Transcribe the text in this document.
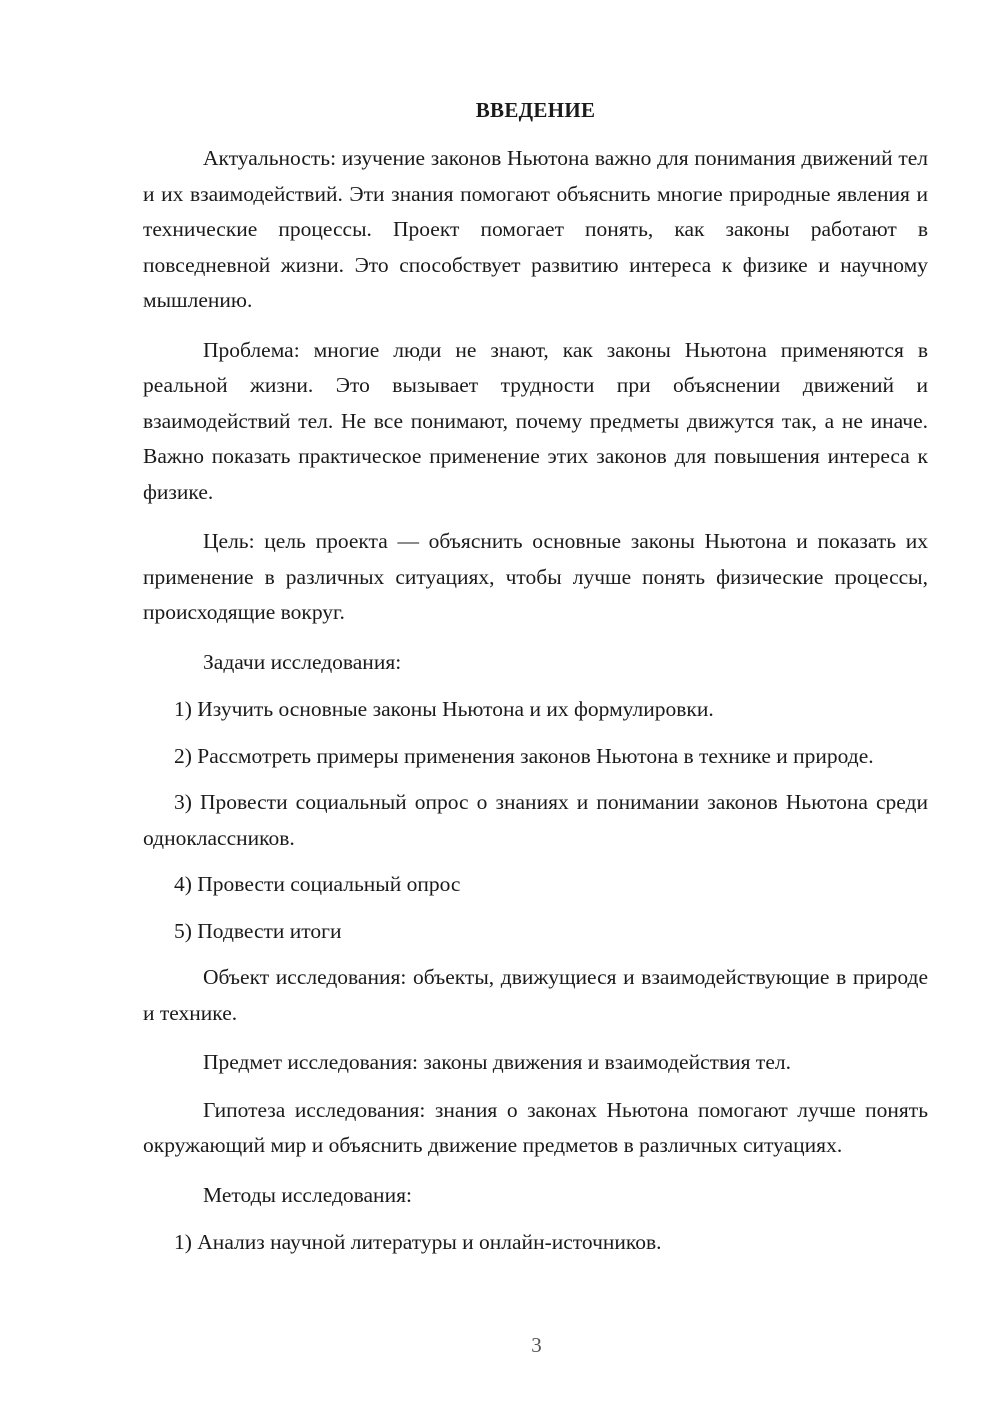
ВВЕДЕНИЕ
Актуальность: изучение законов Ньютона важно для понимания движений тел и их взаимодействий. Эти знания помогают объяснить многие природные явления и технические процессы. Проект помогает понять, как законы работают в повседневной жизни. Это способствует развитию интереса к физике и научному мышлению.
Проблема: многие люди не знают, как законы Ньютона применяются в реальной жизни. Это вызывает трудности при объяснении движений и взаимодействий тел. Не все понимают, почему предметы движутся так, а не иначе. Важно показать практическое применение этих законов для повышения интереса к физике.
Цель: цель проекта — объяснить основные законы Ньютона и показать их применение в различных ситуациях, чтобы лучше понять физические процессы, происходящие вокруг.
Задачи исследования:
1) Изучить основные законы Ньютона и их формулировки.
2) Рассмотреть примеры применения законов Ньютона в технике и природе.
3) Провести социальный опрос о знаниях и понимании законов Ньютона среди одноклассников.
4) Провести социальный опрос
5) Подвести итоги
Объект исследования: объекты, движущиеся и взаимодействующие в природе и технике.
Предмет исследования: законы движения и взаимодействия тел.
Гипотеза исследования: знания о законах Ньютона помогают лучше понять окружающий мир и объяснить движение предметов в различных ситуациях.
Методы исследования:
1) Анализ научной литературы и онлайн-источников.
3
